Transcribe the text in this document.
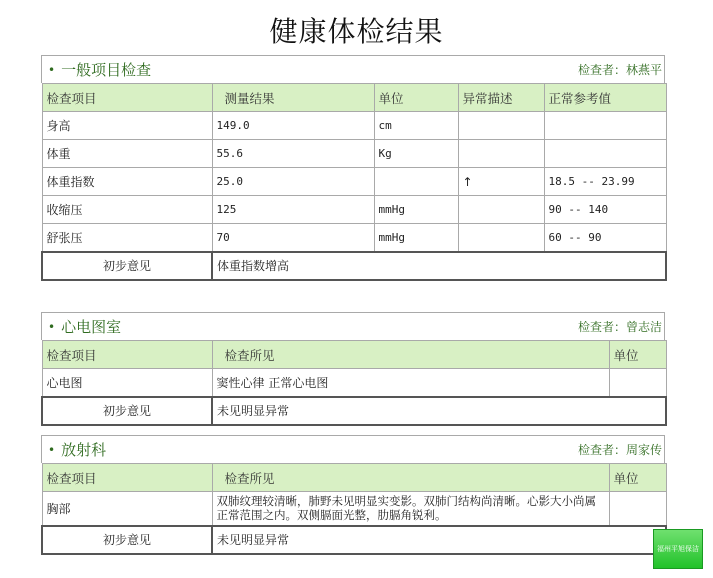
健康体检结果
• 一般项目检查	检查者：林燕平
检查项目	测量结果	单位	异常描述	正常参考值
身高	149.0	cm		
体重	55.6	Kg		
体重指数	25.0		↑	18.5 -- 23.99
收缩压	125	mmHg		90 -- 140
舒张压	70	mmHg		60 -- 90
初步意见	体重指数增高			
• 心电图室	检查者：曾志洁
检查项目	检查所见	单位
心电图	窦性心律 正常心电图	
初步意见	未见明显异常	
• 放射科	检查者：周家传
检查项目	检查所见	单位
胸部	双肺纹理较清晰，肺野未见明显实变影。双肺门结构尚清晰。心影大小尚属正常范围之内。双侧膈面光整，肋膈角锐利。	
初步意见	未见明显异常	
福州平旭保洁
